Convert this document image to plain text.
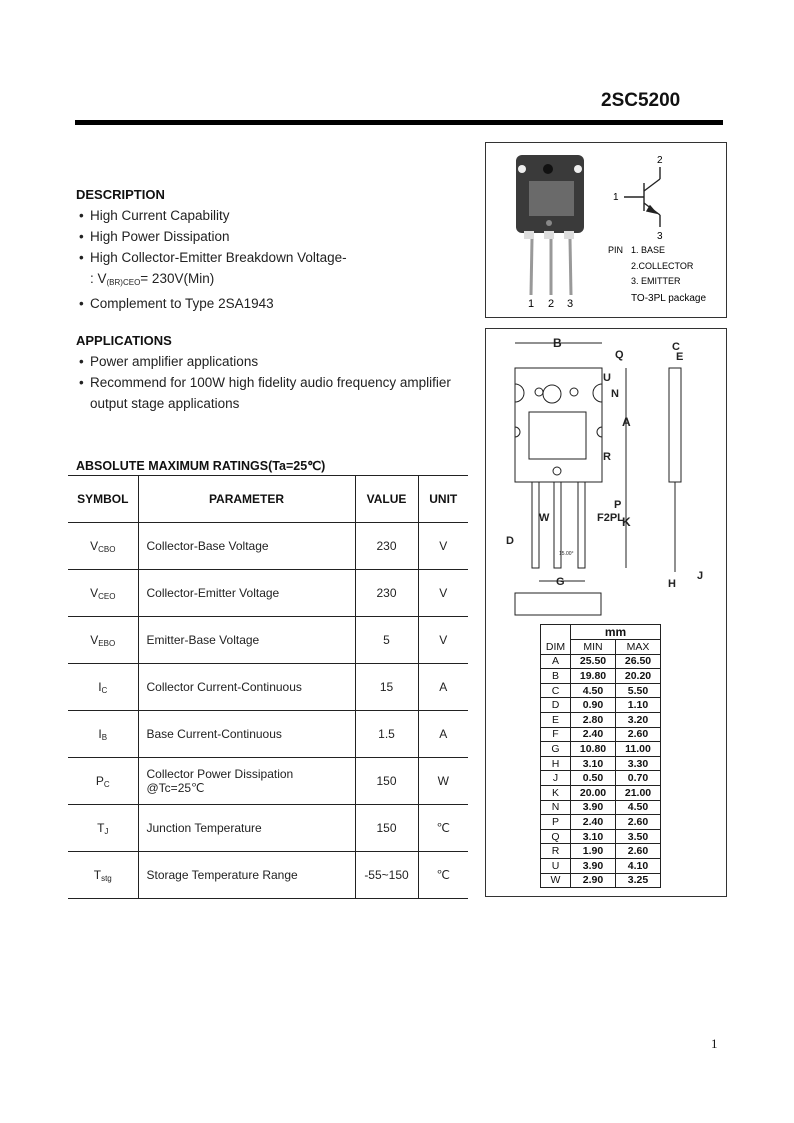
2SC5200
DESCRIPTION
• High Current Capability
• High Power Dissipation
• High Collector-Emitter Breakdown Voltage-
: $V_{(BR)CEO}= 230V(Min)$
• Complement to Type 2SA1943
APPLICATIONS
• Power amplifier applications
• Recommend for 100W high fidelity audio frequency amplifier
output stage applications
ABSOLUTE MAXIMUM RATINGS(Ta=25℃)
SYMBOL	PARAMETER	VALUE	UNIT
$V_{CBO}$	Collector-Base Voltage	230	V
$V_{CEO}$	Collector-Emitter Voltage	230	V
$V_{EBO}$	Emitter-Base Voltage	5	V
$I_C$	Collector Current-Continuous	15	A
$I_B$	Base Current-Continuous	1.5	A
$P_C$	Collector Power Dissipation
@Tc=25℃	150	W
$T_J$	Junction Temperature	150	℃
$T_{stg}$	Storage Temperature Range	-55~150	℃
1 2 3
1
2
3
PIN 1. BASE
2.COLLECTOR
3. EMITTER
TO-3PL package
B
Q
U
N
A
R
P
W	F2PL
K
D
G
C
E
H
J
15.00°
	mm	
DIM	MIN	MAX
A	25.50	26.50
B	19.80	20.20
C	4.50	5.50
D	0.90	1.10
E	2.80	3.20
F	2.40	2.60
G	10.80	11.00
H	3.10	3.30
J	0.50	0.70
K	20.00	21.00
N	3.90	4.50
P	2.40	2.60
Q	3.10	3.50
R	1.90	2.60
U	3.90	4.10
W	2.90	3.25
1
